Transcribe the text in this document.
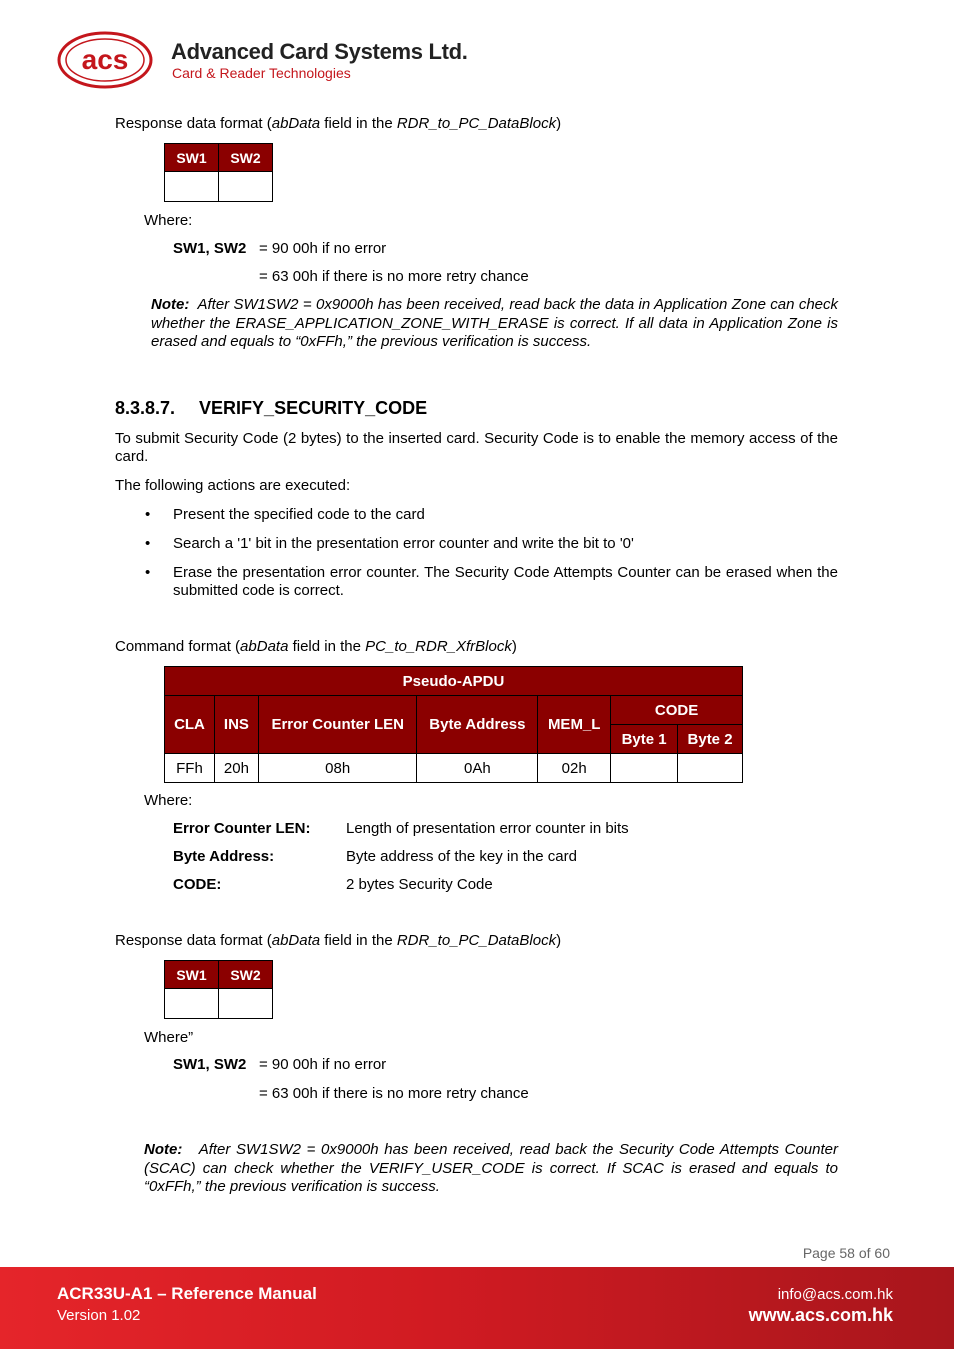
acs Advanced Card Systems Ltd.
Card & Reader Technologies
Response data format (abData field in the RDR_to_PC_DataBlock)
SW1	SW2

Where:
SW1, SW2 = 90 00h if no error
= 63 00h if there is no more retry chance
Note: After SW1SW2 = 0x9000h has been received, read back the data in Application Zone can check whether the ERASE_APPLICATION_ZONE_WITH_ERASE is correct. If all data in Application Zone is erased and equals to “0xFFh,” the previous verification is success.
8.3.8.7. VERIFY_SECURITY_CODE
To submit Security Code (2 bytes) to the inserted card. Security Code is to enable the memory access of the card.
The following actions are executed:
• Present the specified code to the card
• Search a '1' bit in the presentation error counter and write the bit to '0'
• Erase the presentation error counter. The Security Code Attempts Counter can be erased when the submitted code is correct.
Command format (abData field in the PC_to_RDR_XfrBlock)
Pseudo-APDU						
CLA	INS	Error Counter LEN	Byte Address	MEM_L	CODE	
					Byte 1	Byte 2
FFh	20h	08h	0Ah	02h		
Where:
Error Counter LEN: Length of presentation error counter in bits
Byte Address:	Byte address of the key in the card
CODE:	2 bytes Security Code
Response data format (abData field in the RDR_to_PC_DataBlock)
SW1	SW2

Where”
SW1, SW2 = 90 00h if no error
= 63 00h if there is no more retry chance
Note: After SW1SW2 = 0x9000h has been received, read back the Security Code Attempts Counter (SCAC) can check whether the VERIFY_USER_CODE is correct. If SCAC is erased and equals to “0xFFh,” the previous verification is success.
Page 58 of 60
ACR33U-A1 – Reference Manual
Version 1.02
info@acs.com.hk
www.acs.com.hk
